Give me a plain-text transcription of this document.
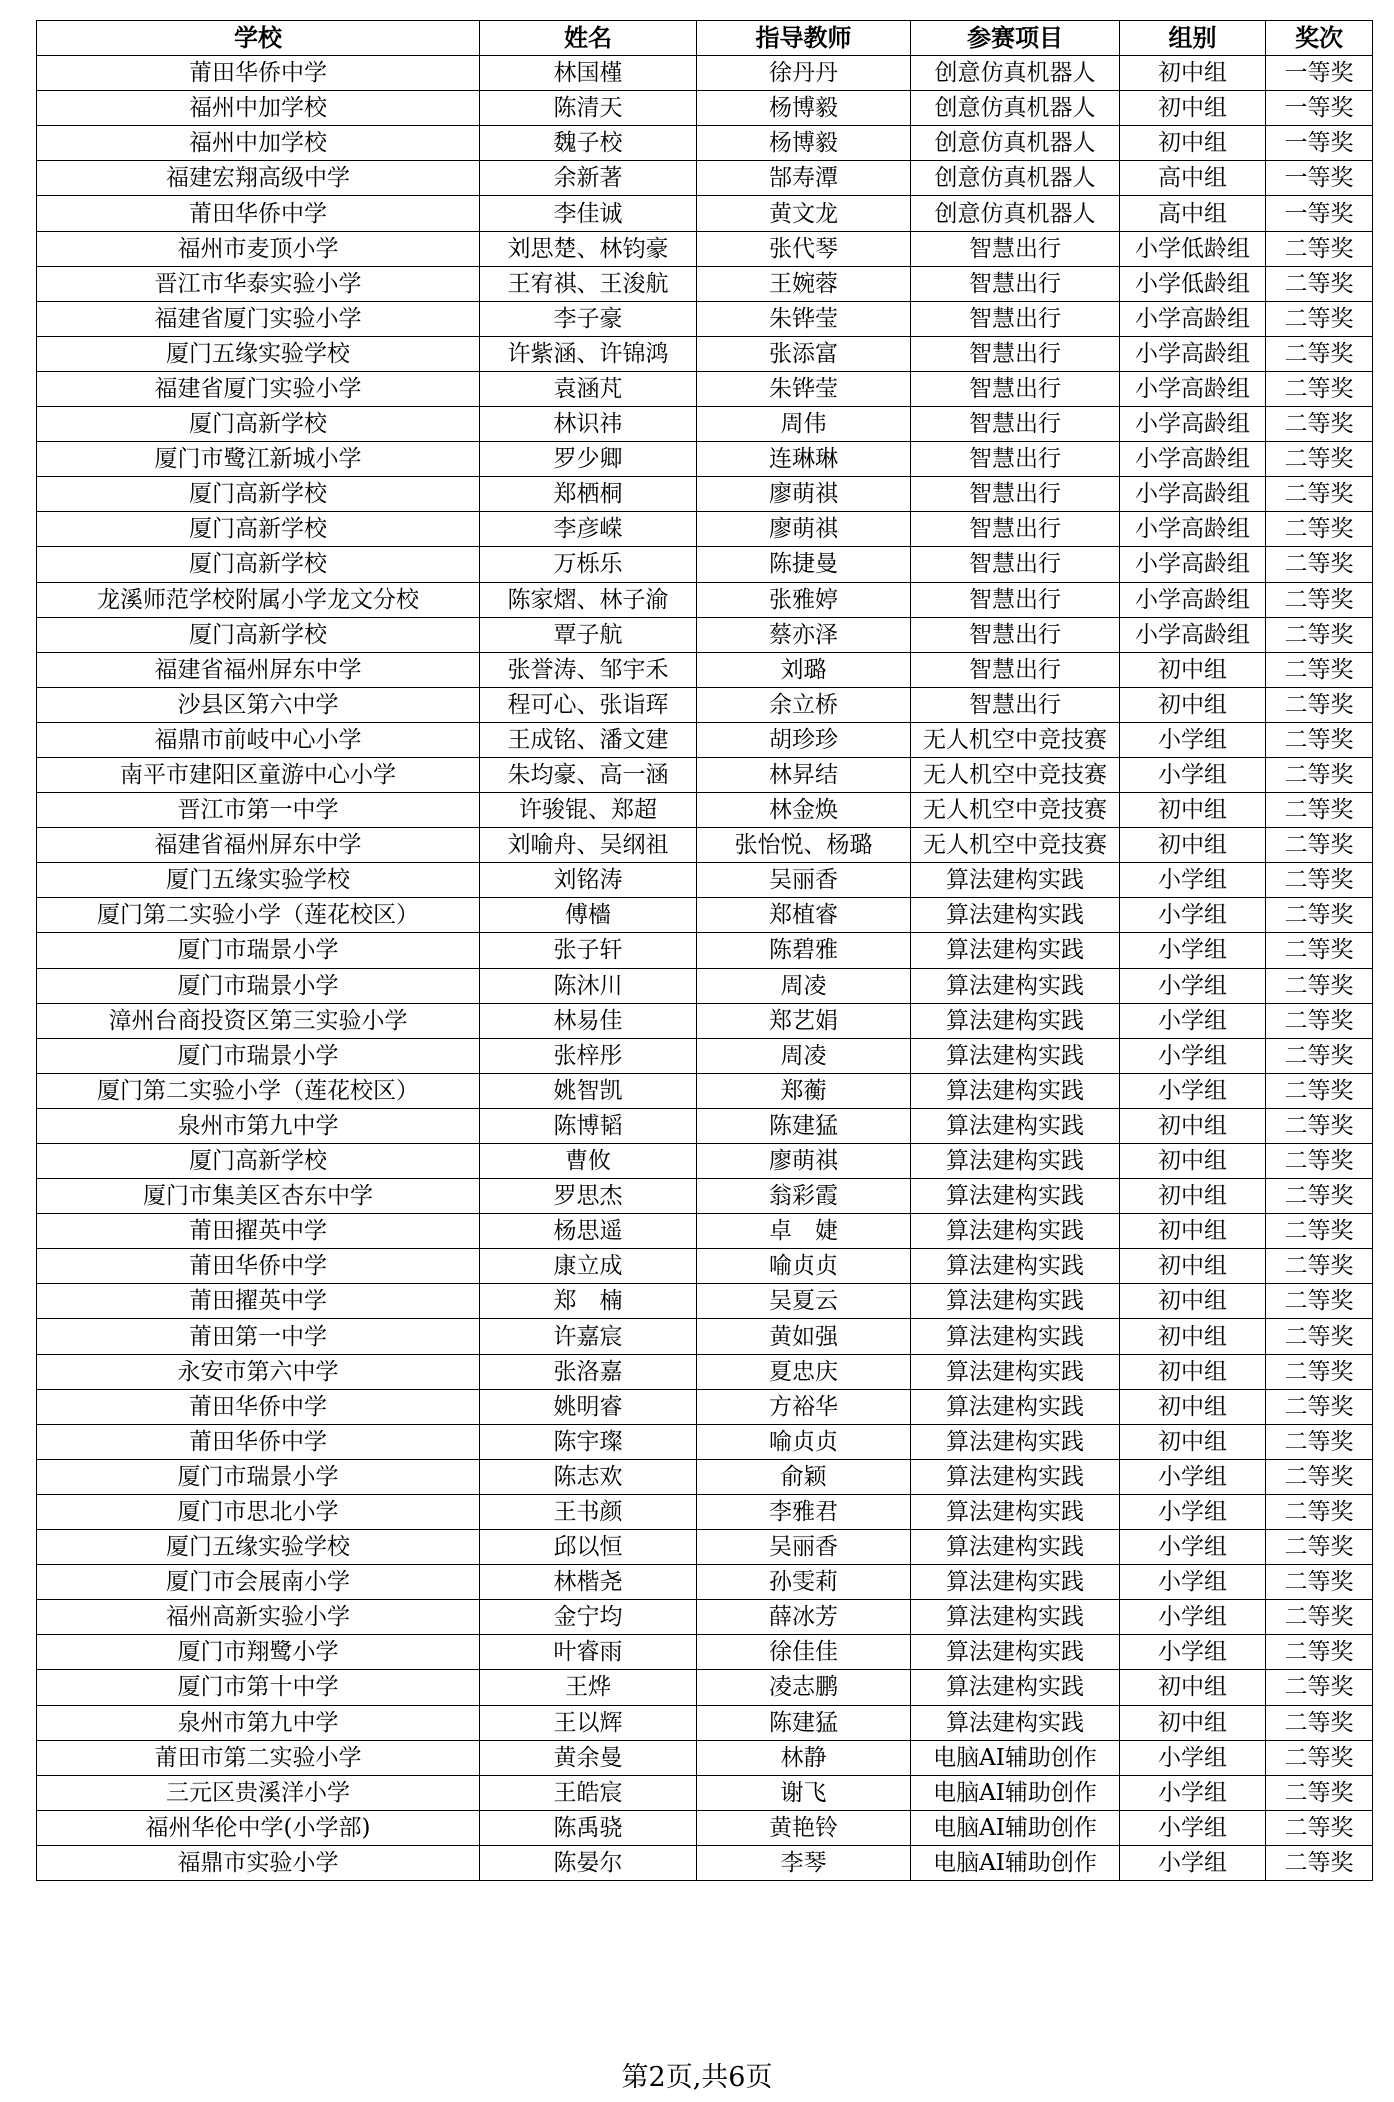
学校	姓名	指导教师	参赛项目	组别	奖次
莆田华侨中学	林国槿	徐丹丹	创意仿真机器人	初中组	一等奖
福州中加学校	陈清天	杨博毅	创意仿真机器人	初中组	一等奖
福州中加学校	魏子校	杨博毅	创意仿真机器人	初中组	一等奖
福建宏翔高级中学	余新著	郜寿潭	创意仿真机器人	高中组	一等奖
莆田华侨中学	李佳诚	黄文龙	创意仿真机器人	高中组	一等奖
福州市麦顶小学	刘思楚、林钧豪	张代琴	智慧出行	小学低龄组	二等奖
晋江市华泰实验小学	王宥祺、王浚航	王婉蓉	智慧出行	小学低龄组	二等奖
福建省厦门实验小学	李子豪	朱铧莹	智慧出行	小学高龄组	二等奖
厦门五缘实验学校	许紫涵、许锦鸿	张添富	智慧出行	小学高龄组	二等奖
福建省厦门实验小学	袁涵芃	朱铧莹	智慧出行	小学高龄组	二等奖
厦门高新学校	林识祎	周伟	智慧出行	小学高龄组	二等奖
厦门市鹭江新城小学	罗少卿	连琳琳	智慧出行	小学高龄组	二等奖
厦门高新学校	郑栖桐	廖萌祺	智慧出行	小学高龄组	二等奖
厦门高新学校	李彦嵘	廖萌祺	智慧出行	小学高龄组	二等奖
厦门高新学校	万栎乐	陈捷曼	智慧出行	小学高龄组	二等奖
龙溪师范学校附属小学龙文分校	陈家熠、林子渝	张雅婷	智慧出行	小学高龄组	二等奖
厦门高新学校	覃子航	蔡亦泽	智慧出行	小学高龄组	二等奖
福建省福州屏东中学	张誉涛、邹宇禾	刘璐	智慧出行	初中组	二等奖
沙县区第六中学	程可心、张诣珲	余立桥	智慧出行	初中组	二等奖
福鼎市前岐中心小学	王成铭、潘文建	胡珍珍	无人机空中竞技赛	小学组	二等奖
南平市建阳区童游中心小学	朱均豪、高一涵	林昇结	无人机空中竞技赛	小学组	二等奖
晋江市第一中学	许骏锟、郑超	林金焕	无人机空中竞技赛	初中组	二等奖
福建省福州屏东中学	刘喻舟、吴纲祖	张怡悦、杨璐	无人机空中竞技赛	初中组	二等奖
厦门五缘实验学校	刘铭涛	吴丽香	算法建构实践	小学组	二等奖
厦门第二实验小学（莲花校区）	傅檣	郑植睿	算法建构实践	小学组	二等奖
厦门市瑞景小学	张子轩	陈碧雅	算法建构实践	小学组	二等奖
厦门市瑞景小学	陈沐川	周凌	算法建构实践	小学组	二等奖
漳州台商投资区第三实验小学	林易佳	郑艺娟	算法建构实践	小学组	二等奖
厦门市瑞景小学	张梓彤	周凌	算法建构实践	小学组	二等奖
厦门第二实验小学（莲花校区）	姚智凯	郑蘅	算法建构实践	小学组	二等奖
泉州市第九中学	陈博韬	陈建猛	算法建构实践	初中组	二等奖
厦门高新学校	曹攸	廖萌祺	算法建构实践	初中组	二等奖
厦门市集美区杏东中学	罗思杰	翁彩霞	算法建构实践	初中组	二等奖
莆田擢英中学	杨思遥	卓　婕	算法建构实践	初中组	二等奖
莆田华侨中学	康立成	喻贞贞	算法建构实践	初中组	二等奖
莆田擢英中学	郑　楠	吴夏云	算法建构实践	初中组	二等奖
莆田第一中学	许嘉宸	黄如强	算法建构实践	初中组	二等奖
永安市第六中学	张洛嘉	夏忠庆	算法建构实践	初中组	二等奖
莆田华侨中学	姚明睿	方裕华	算法建构实践	初中组	二等奖
莆田华侨中学	陈宇璨	喻贞贞	算法建构实践	初中组	二等奖
厦门市瑞景小学	陈志欢	俞颖	算法建构实践	小学组	二等奖
厦门市思北小学	王书颜	李雅君	算法建构实践	小学组	二等奖
厦门五缘实验学校	邱以恒	吴丽香	算法建构实践	小学组	二等奖
厦门市会展南小学	林楷尧	孙雯莉	算法建构实践	小学组	二等奖
福州高新实验小学	金宁均	薛冰芳	算法建构实践	小学组	二等奖
厦门市翔鹭小学	叶睿雨	徐佳佳	算法建构实践	小学组	二等奖
厦门市第十中学	王烨	凌志鹏	算法建构实践	初中组	二等奖
泉州市第九中学	王以辉	陈建猛	算法建构实践	初中组	二等奖
莆田市第二实验小学	黄余曼	林静	电脑AI辅助创作	小学组	二等奖
三元区贵溪洋小学	王皓宸	谢飞	电脑AI辅助创作	小学组	二等奖
福州华伦中学(小学部)	陈禹骁	黄艳铃	电脑AI辅助创作	小学组	二等奖
福鼎市实验小学	陈晏尔	李琴	电脑AI辅助创作	小学组	二等奖
第2页,共6页
